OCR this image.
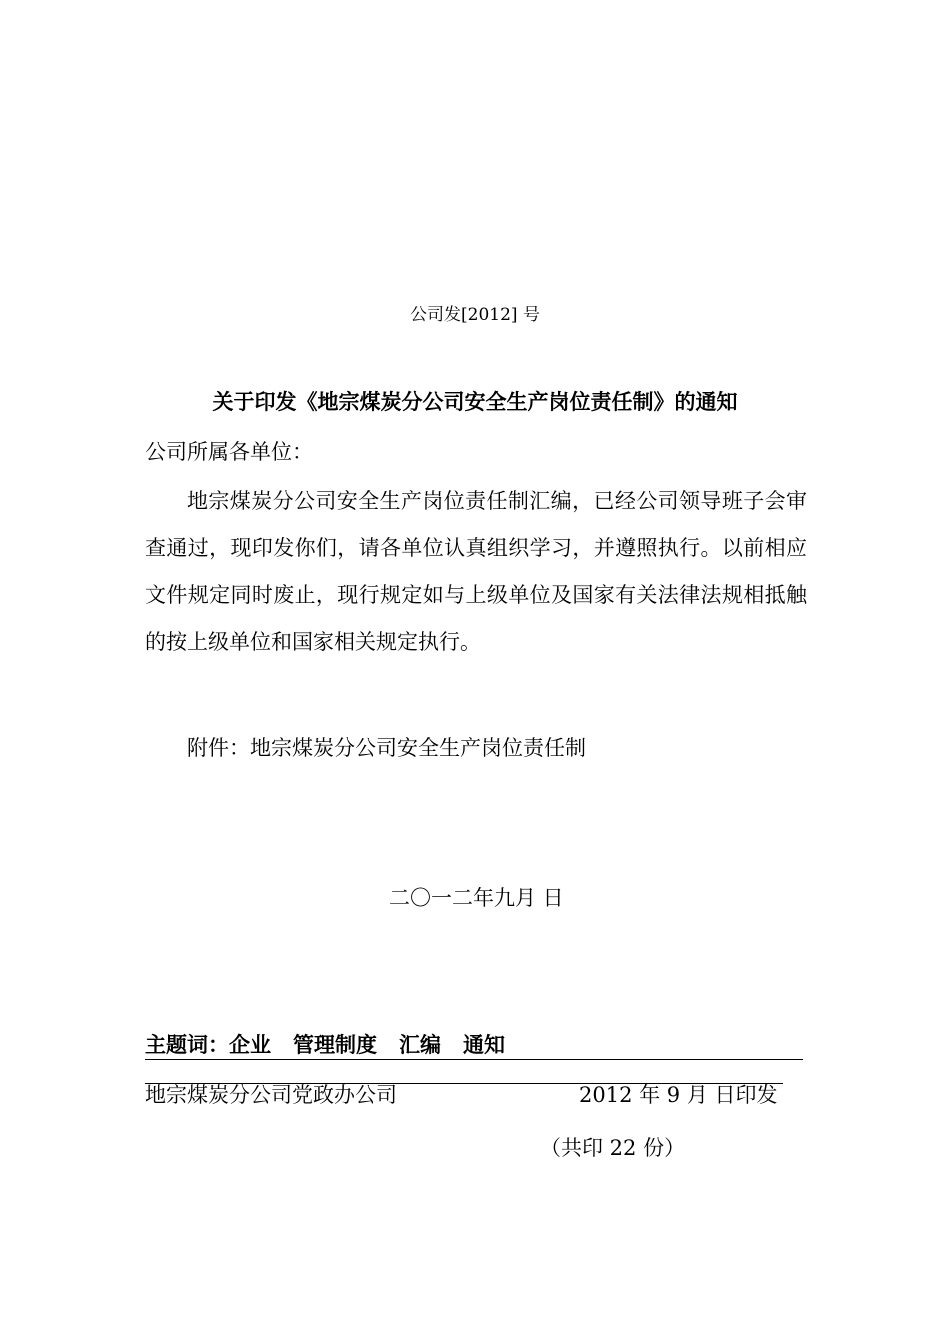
公司发[2012] 号
关于印发《地宗煤炭分公司安全生产岗位责任制》的通知
公司所属各单位：

地宗煤炭分公司安全生产岗位责任制汇编，已经公司领导班子会审查通过，现印发你们，请各单位认真组织学习，并遵照执行。以前相应文件规定同时废止，现行规定如与上级单位及国家有关法律法规相抵触的按上级单位和国家相关规定执行。

附件：地宗煤炭分公司安全生产岗位责任制
二〇一二年九月 日
主题词：企业 管理制度 汇编 通知
地宗煤炭分公司党政办公司	2012 年 9 月 日印发
（共印 22 份）
